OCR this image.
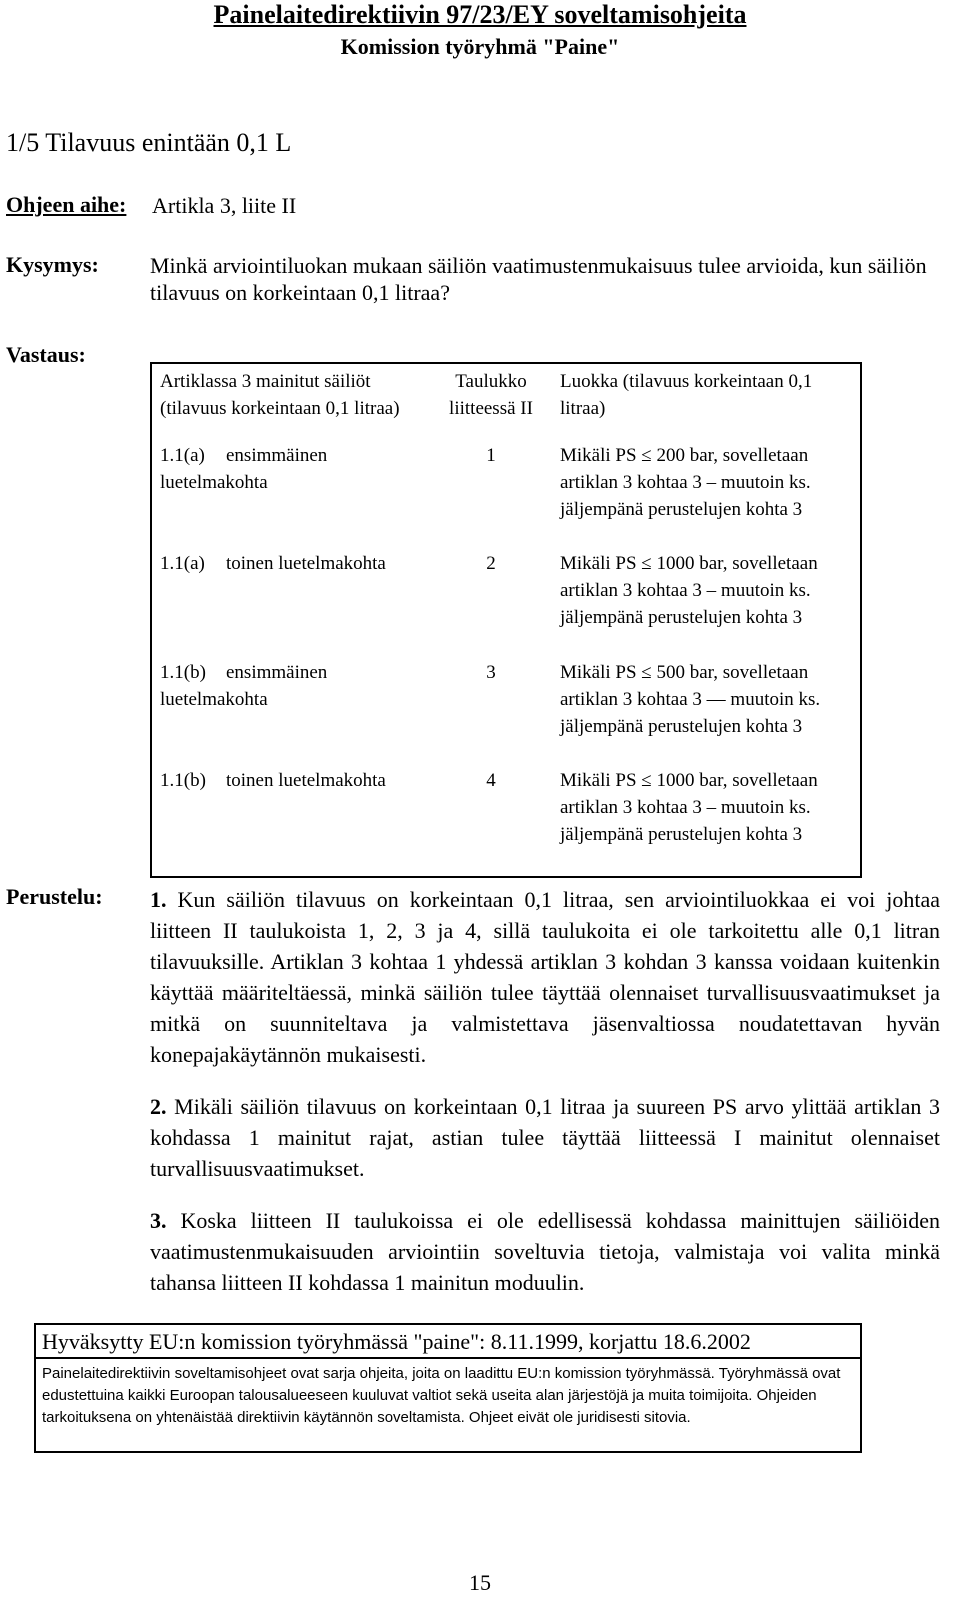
Painelaitedirektiivin 97/23/EY soveltamisohjeita
Komission työryhmä "Paine"
1/5 Tilavuus enintään 0,1 L
Ohjeen aihe: Artikla 3, liite II
Kysymys: Minkä arviointiluokan mukaan säiliön vaatimustenmukaisuus tulee arvioida, kun säiliön tilavuus on korkeintaan 0,1 litraa?
Vastaus:
Artiklassa 3 mainitut säiliöt (tilavuus korkeintaan 0,1 litraa)	Taulukko liitteessä II	Luokka (tilavuus korkeintaan 0,1 litraa)
1.1(a) ensimmäinen luetelmakohta	1	Mikäli PS ≤ 200 bar, sovelletaan artiklan 3 kohtaa 3 – muutoin ks. jäljempänä perustelujen kohta 3
1.1(a) toinen luetelmakohta	2	Mikäli PS ≤ 1000 bar, sovelletaan artiklan 3 kohtaa 3 – muutoin ks. jäljempänä perustelujen kohta 3
1.1(b) ensimmäinen luetelmakohta	3	Mikäli PS ≤ 500 bar, sovelletaan artiklan 3 kohtaa 3 — muutoin ks. jäljempänä perustelujen kohta 3
1.1(b) toinen luetelmakohta	4	Mikäli PS ≤ 1000 bar, sovelletaan artiklan 3 kohtaa 3 – muutoin ks. jäljempänä perustelujen kohta 3
Perustelu: 1. Kun säiliön tilavuus on korkeintaan 0,1 litraa, sen arviointiluokkaa ei voi johtaa liitteen II taulukoista 1, 2, 3 ja 4, sillä taulukoita ei ole tarkoitettu alle 0,1 litran tilavuuksille. Artiklan 3 kohtaa 1 yhdessä artiklan 3 kohdan 3 kanssa voidaan kuitenkin käyttää määriteltäessä, minkä säiliön tulee täyttää olennaiset turvallisuusvaatimukset ja mitkä on suunniteltava ja valmistettava jäsenvaltiossa noudatettavan hyvän konepajakäytännön mukaisesti.
2. Mikäli säiliön tilavuus on korkeintaan 0,1 litraa ja suureen PS arvo ylittää artiklan 3 kohdassa 1 mainitut rajat, astian tulee täyttää liitteessä I mainitut olennaiset turvallisuusvaatimukset.
3. Koska liitteen II taulukoissa ei ole edellisessä kohdassa mainittujen säiliöiden vaatimustenmukaisuuden arviointiin soveltuvia tietoja, valmistaja voi valita minkä tahansa liitteen II kohdassa 1 mainitun moduulin.
Hyväksytty EU:n komission työryhmässä "paine": 8.11.1999, korjattu 18.6.2002
Painelaitedirektiivin soveltamisohjeet ovat sarja ohjeita, joita on laadittu EU:n komission työryhmässä. Työryhmässä ovat edustettuina kaikki Euroopan talousalueeseen kuuluvat valtiot sekä useita alan järjestöjä ja muita toimijoita. Ohjeiden tarkoituksena on yhtenäistää direktiivin käytännön soveltamista. Ohjeet eivät ole juridisesti sitovia.
15
